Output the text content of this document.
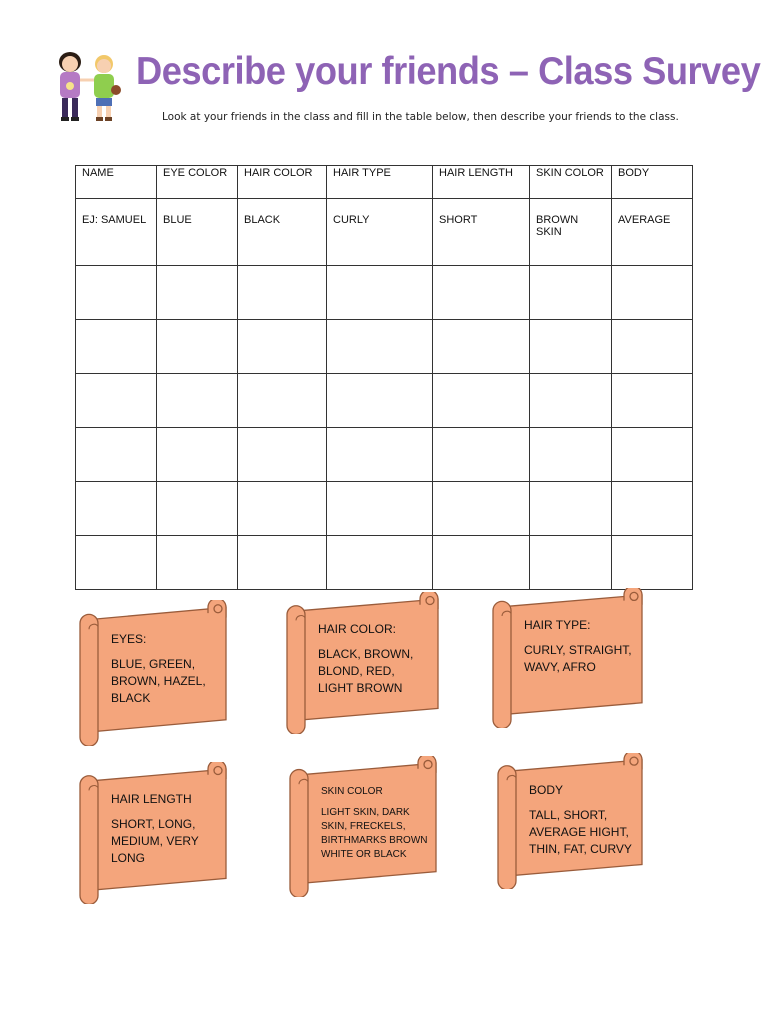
Describe your friends – Class Survey
Look at your friends in the class and fill in the table below, then describe your friends to the class.
NAME	EYE COLOR	HAIR COLOR	HAIR TYPE	HAIR LENGTH	SKIN COLOR	BODY
EJ: SAMUEL	BLUE	BLACK	CURLY	SHORT	BROWN SKIN	AVERAGE

EYES:
BLUE, GREEN,
BROWN, HAZEL,
BLACK
HAIR COLOR:
BLACK, BROWN,
BLOND, RED,
LIGHT BROWN
HAIR TYPE:
CURLY, STRAIGHT,
WAVY, AFRO
HAIR LENGTH
SHORT, LONG,
MEDIUM, VERY
LONG
SKIN COLOR
LIGHT SKIN, DARK
SKIN, FRECKELS,
BIRTHMARKS BROWN
WHITE OR BLACK
BODY
TALL, SHORT,
AVERAGE HIGHT,
THIN, FAT, CURVY
